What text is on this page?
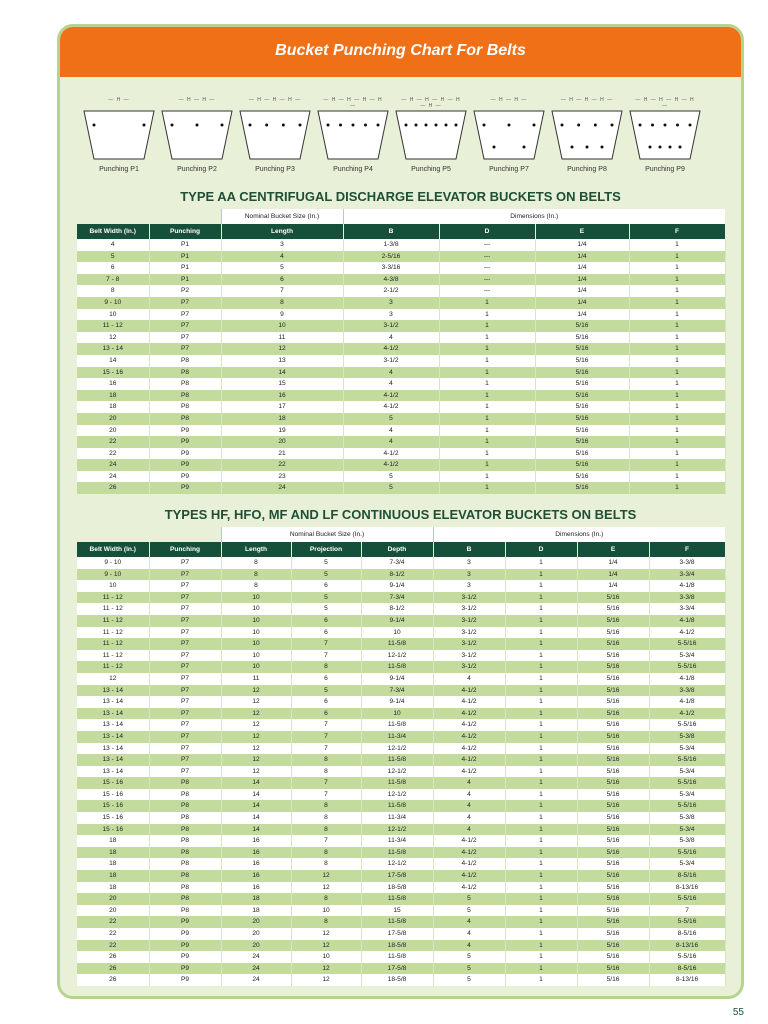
Bucket Punching Chart For Belts
— H —
Punching P1
— H — H —
Punching P2
— H — H — H —
Punching P3
— H — H — H — H —
Punching P4
— H — H — H — H — H —
Punching P5
— H — H —
Punching P7
— H — H — H —
Punching P8
— H — H — H — H —
Punching P9
TYPE AA CENTRIFUGAL DISCHARGE ELEVATOR BUCKETS ON BELTS
		Nominal Bucket Size (In.)	Dimensions (In.)			
Belt Width (In.)	Punching	Length	B	D	E	F
4	P1	3	1-3/8	---	1/4	1
5	P1	4	2-5/16	---	1/4	1
6	P1	5	3-3/16	---	1/4	1
7 - 8	P1	6	4-3/8	---	1/4	1
8	P2	7	2-1/2	---	1/4	1
9 - 10	P7	8	3	1	1/4	1
10	P7	9	3	1	1/4	1
11 - 12	P7	10	3-1/2	1	5/16	1
12	P7	11	4	1	5/16	1
13 - 14	P7	12	4-1/2	1	5/16	1
14	P8	13	3-1/2	1	5/16	1
15 - 16	P8	14	4	1	5/16	1
16	P8	15	4	1	5/16	1
18	P8	16	4-1/2	1	5/16	1
18	P8	17	4-1/2	1	5/16	1
20	P8	18	5	1	5/16	1
20	P9	19	4	1	5/16	1
22	P9	20	4	1	5/16	1
22	P9	21	4-1/2	1	5/16	1
24	P9	22	4-1/2	1	5/16	1
24	P9	23	5	1	5/16	1
26	P9	24	5	1	5/16	1
TYPES HF, HFO, MF AND LF CONTINUOUS ELEVATOR BUCKETS ON BELTS
		Nominal Bucket Size (In.)			Dimensions (In.)			
Belt Width (In.)	Punching	Length	Projection	Depth	B	D	E	F
9 - 10	P7	8	5	7-3/4	3	1	1/4	3-3/8
9 - 10	P7	8	5	8-1/2	3	1	1/4	3-3/4
10	P7	8	6	9-1/4	3	1	1/4	4-1/8
11 - 12	P7	10	5	7-3/4	3-1/2	1	5/16	3-3/8
11 - 12	P7	10	5	8-1/2	3-1/2	1	5/16	3-3/4
11 - 12	P7	10	6	9-1/4	3-1/2	1	5/16	4-1/8
11 - 12	P7	10	6	10	3-1/2	1	5/16	4-1/2
11 - 12	P7	10	7	11-5/8	3-1/2	1	5/16	5-5/16
11 - 12	P7	10	7	12-1/2	3-1/2	1	5/16	5-3/4
11 - 12	P7	10	8	11-5/8	3-1/2	1	5/16	5-5/16
12	P7	11	6	9-1/4	4	1	5/16	4-1/8
13 - 14	P7	12	5	7-3/4	4-1/2	1	5/16	3-3/8
13 - 14	P7	12	6	9-1/4	4-1/2	1	5/16	4-1/8
13 - 14	P7	12	6	10	4-1/2	1	5/16	4-1/2
13 - 14	P7	12	7	11-5/8	4-1/2	1	5/16	5-5/16
13 - 14	P7	12	7	11-3/4	4-1/2	1	5/16	5-3/8
13 - 14	P7	12	7	12-1/2	4-1/2	1	5/16	5-3/4
13 - 14	P7	12	8	11-5/8	4-1/2	1	5/16	5-5/16
13 - 14	P7	12	8	12-1/2	4-1/2	1	5/16	5-3/4
15 - 16	P8	14	7	11-5/8	4	1	5/16	5-5/16
15 - 16	P8	14	7	12-1/2	4	1	5/16	5-3/4
15 - 16	P8	14	8	11-5/8	4	1	5/16	5-5/16
15 - 16	P8	14	8	11-3/4	4	1	5/16	5-3/8
15 - 16	P8	14	8	12-1/2	4	1	5/16	5-3/4
18	P8	16	7	11-3/4	4-1/2	1	5/16	5-3/8
18	P8	16	8	11-5/8	4-1/2	1	5/16	5-5/16
18	P8	16	8	12-1/2	4-1/2	1	5/16	5-3/4
18	P8	16	12	17-5/8	4-1/2	1	5/16	8-5/16
18	P8	16	12	18-5/8	4-1/2	1	5/16	8-13/16
20	P8	18	8	11-5/8	5	1	5/16	5-5/16
20	P8	18	10	15	5	1	5/16	7
22	P9	20	8	11-5/8	4	1	5/16	5-5/16
22	P9	20	12	17-5/8	4	1	5/16	8-5/16
22	P9	20	12	18-5/8	4	1	5/16	8-13/16
26	P9	24	10	11-5/8	5	1	5/16	5-5/16
26	P9	24	12	17-5/8	5	1	5/16	8-5/16
26	P9	24	12	18-5/8	5	1	5/16	8-13/16
55
